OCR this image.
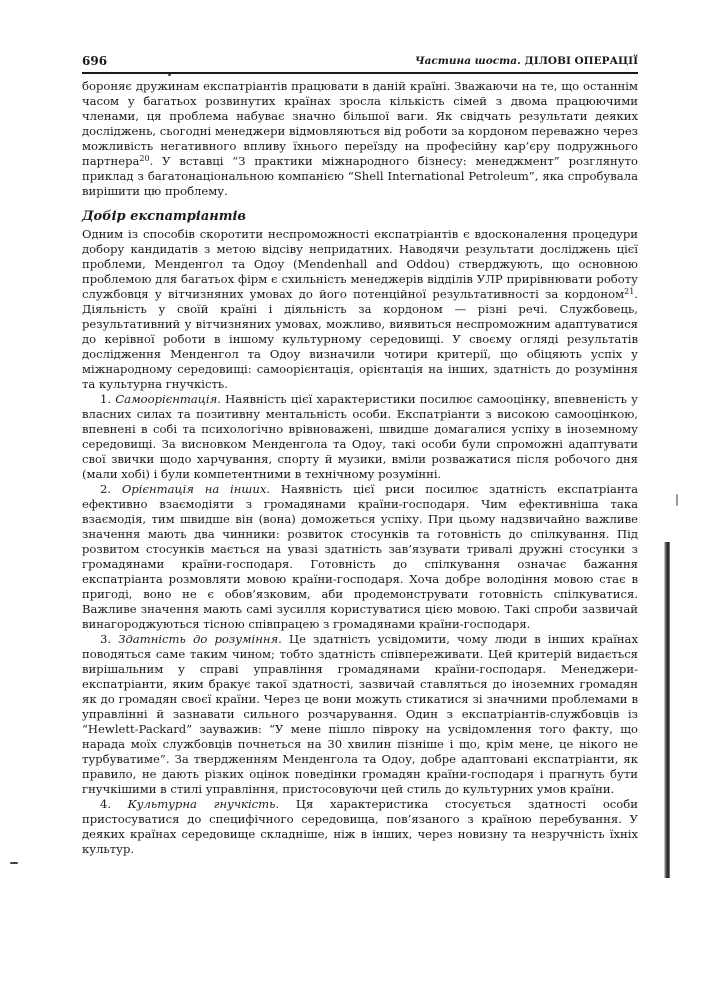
696	Частина шоста. ДІЛОВІ ОПЕРАЦІЇ

бороняє дружинам експатріантів працювати в даній країні. Зважаючи на те, що останнім часом у багатьох розвинутих країнах зросла кількість сімей з двома працюючими членами, ця проблема набуває значно більшої ваги. Як свідчать результати деяких досліджень, сьогодні менеджери відмовляються від роботи за кордоном переважно через можливість негативного впливу їхнього переїзду на професійну кар’єру подружнього партнера$^{20}$. У вставці “З практики міжнародного бізнесу: менеджмент” розглянуто приклад з багатонаціональною компанією “Shell International Petroleum”, яка спробувала вирішити цю проблему.

Добір експатріантів

Одним із способів скоротити неспроможності експатріантів є вдосконалення процедури добору кандидатів з метою відсіву непридатних. Наводячи результати досліджень цієї проблеми, Менденгол та Одоу (Mendenhall and Oddou) стверджують, що основною проблемою для багатьох фірм є схильність менеджерів відділів УЛР прирівнювати роботу службовця у вітчизняних умовах до його потенційної результативності за кордоном$^{21}$. Діяльність у своїй країні і діяльність за кордоном — різні речі. Службовець, результативний у вітчизняних умовах, можливо, виявиться неспроможним адаптуватися до керівної роботи в іншому культурному середовищі. У своєму огляді результатів дослідження Менденгол та Одоу визначили чотири критерії, що обіцяють успіх у міжнародному середовищі: самоорієнтація, орієнтація на інших, здатність до розуміння та культурна гнучкість.

1. Самоорієнтація. Наявність цієї характеристики посилює самооцінку, впевненість у власних силах та позитивну ментальність особи. Експатріанти з високою самооцінкою, впевнені в собі та психологічно врівноважені, швидше домагалися успіху в іноземному середовищі. За висновком Менденгола та Одоу, такі особи були спроможні адаптувати свої звички щодо харчування, спорту й музики, вміли розважатися після робочого дня (мали хобі) і були компетентними в технічному розумінні.

2. Орієнтація на інших. Наявність цієї риси посилює здатність експатріанта ефективно взаємодіяти з громадянами країни-господаря. Чим ефективніша така взаємодія, тим швидше він (вона) доможеться успіху. При цьому надзвичайно важливе значення мають два чинники: розвиток стосунків та готовність до спілкування. Під розвитом стосунків мається на увазі здатність зав’язувати тривалі дружні стосунки з громадянами країни-господаря. Готовність до спілкування означає бажання експатріанта розмовляти мовою країни-господаря. Хоча добре володіння мовою стає в пригоді, воно не є обов’язковим, аби продемонструвати готовність спілкуватися. Важливе значення мають самі зусилля користуватися цією мовою. Такі спроби зазвичай винагороджуються тісною співпрацею з громадянами країни-господаря.

3. Здатність до розуміння. Це здатність усвідомити, чому люди в інших країнах поводяться саме таким чином; тобто здатність співпереживати. Цей критерій видається вирішальним у справі управління громадянами країни-господаря. Менеджери-експатріанти, яким бракує такої здатності, зазвичай ставляться до іноземних громадян як до громадян своєї країни. Через це вони можуть стикатися зі значними проблемами в управлінні й зазнавати сильного розчарування. Один з експатріантів-службовців із “Hewlett-Packard” зауважив: “У мене пішло півроку на усвідомлення того факту, що нарада моїх службовців почнеться на 30 хвилин пізніше і що, крім мене, це нікого не турбуватиме”. За твердженням Менденгола та Одоу, добре адаптовані експатріанти, як правило, не дають різких оцінок поведінки громадян країни-господаря і прагнуть бути гнучкішими в стилі управління, пристосовуючи цей стиль до культурних умов країни.

4. Культурна гнучкість. Ця характеристика стосується здатності особи пристосуватися до специфічного середовища, пов’язаного з країною перебування. У деяких країнах середовище складніше, ніж в інших, через новизну та незручність їхніх культур.
